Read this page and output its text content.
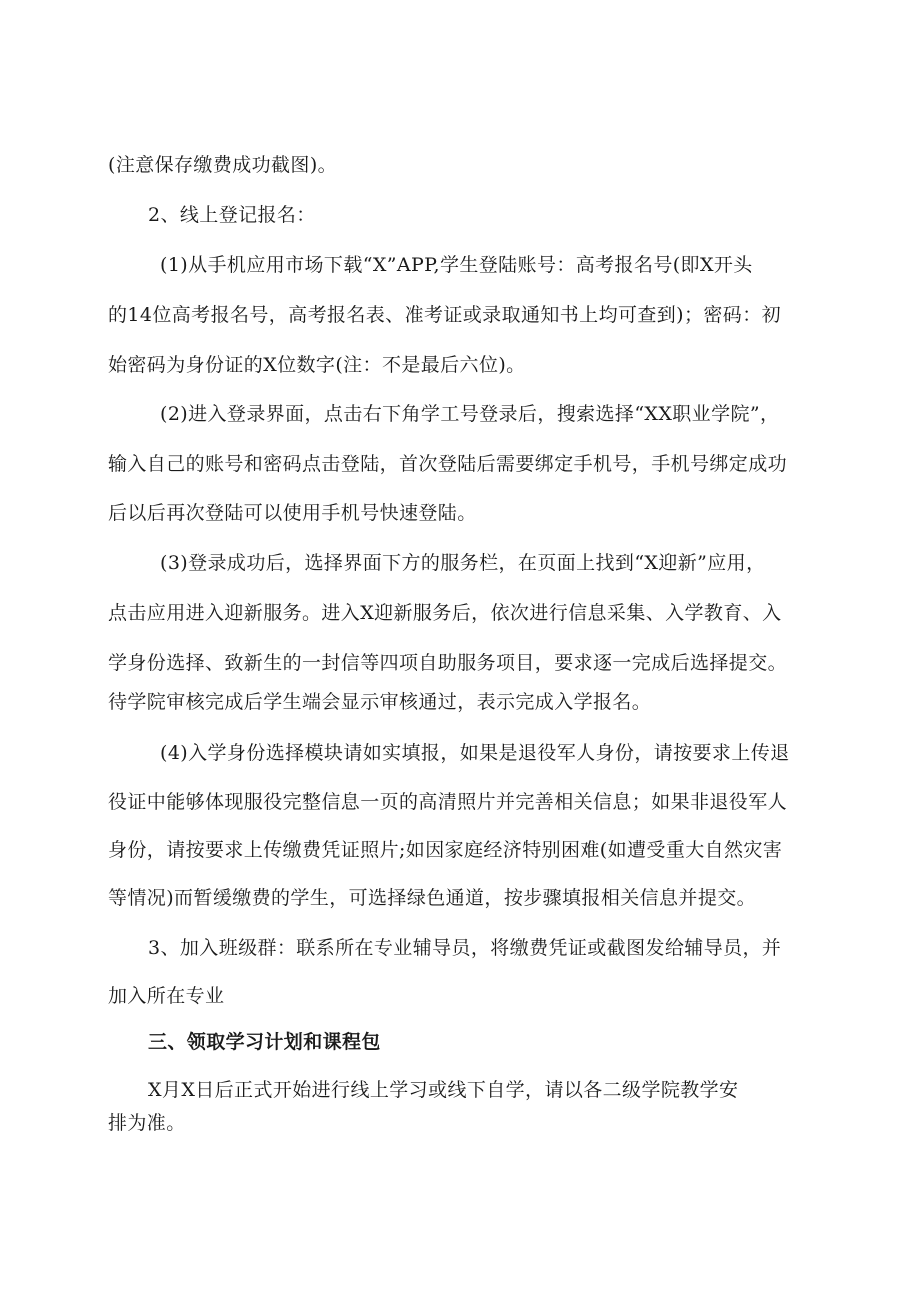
(注意保存缴费成功截图)。
2、线上登记报名：
(1)从手机应用市场下载“X”APP,学生登陆账号：高考报名号(即X开头
的14位高考报名号，高考报名表、准考证或录取通知书上均可查到)；密码：初
始密码为身份证的X位数字(注：不是最后六位)。
(2)进入登录界面，点击右下角学工号登录后，搜索选择“XX职业学院”，
输入自己的账号和密码点击登陆，首次登陆后需要绑定手机号，手机号绑定成功
后以后再次登陆可以使用手机号快速登陆。
(3)登录成功后，选择界面下方的服务栏，在页面上找到“X迎新”应用，
点击应用进入迎新服务。进入X迎新服务后，依次进行信息采集、入学教育、入
学身份选择、致新生的一封信等四项自助服务项目，要求逐一完成后选择提交。
待学院审核完成后学生端会显示审核通过，表示完成入学报名。
(4)入学身份选择模块请如实填报，如果是退役军人身份，请按要求上传退
役证中能够体现服役完整信息一页的高清照片并完善相关信息；如果非退役军人
身份，请按要求上传缴费凭证照片;如因家庭经济特别困难(如遭受重大自然灾害
等情况)而暂缓缴费的学生，可选择绿色通道，按步骤填报相关信息并提交。
3、加入班级群：联系所在专业辅导员，将缴费凭证或截图发给辅导员，并
加入所在专业
三、领取学习计划和课程包
X月X日后正式开始进行线上学习或线下自学，请以各二级学院教学安
排为准。
